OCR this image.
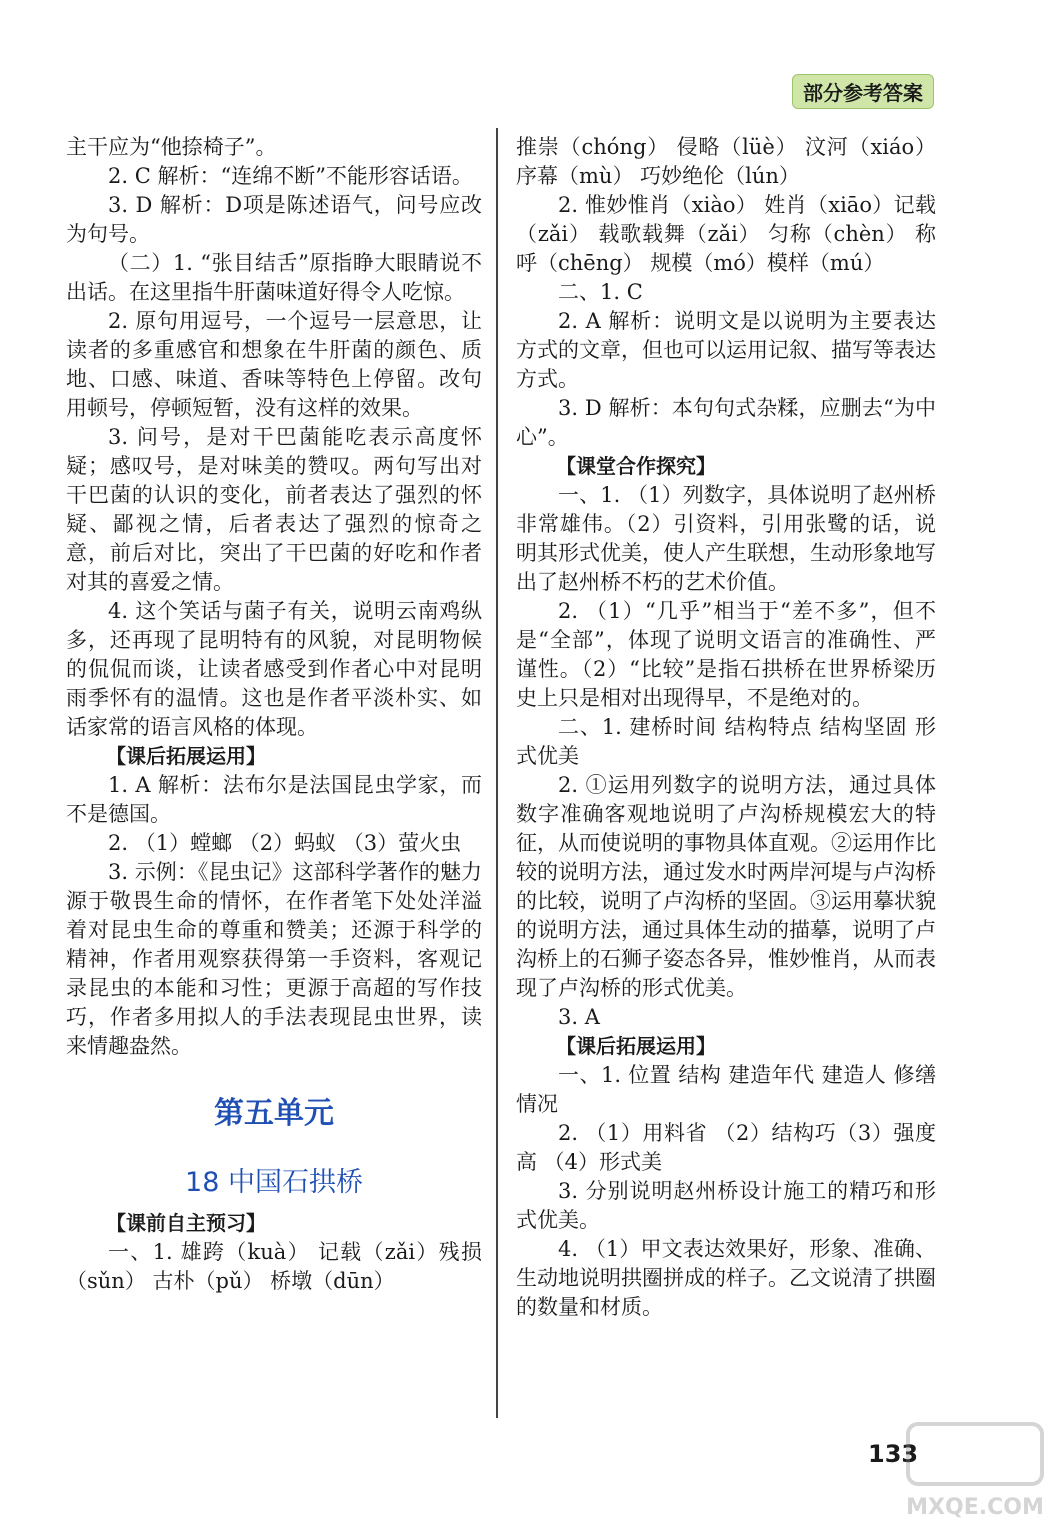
部分参考答案

主干应为“他捺椅子”。

2. C 解析：“连绵不断”不能形容话语。

3. D 解析：D项是陈述语气，问号应改为句号。

（二）1. “张目结舌”原指睁大眼睛说不出话。在这里指牛肝菌味道好得令人吃惊。

2. 原句用逗号，一个逗号一层意思，让读者的多重感官和想象在牛肝菌的颜色、质地、口感、味道、香味等特色上停留。改句用顿号，停顿短暂，没有这样的效果。

3. 问号，是对干巴菌能吃表示高度怀疑；感叹号，是对味美的赞叹。两句写出对干巴菌的认识的变化，前者表达了强烈的怀疑、鄙视之情，后者表达了强烈的惊奇之意，前后对比，突出了干巴菌的好吃和作者对其的喜爱之情。

4. 这个笑话与菌子有关，说明云南鸡纵多，还再现了昆明特有的风貌，对昆明物候的侃侃而谈，让读者感受到作者心中对昆明雨季怀有的温情。这也是作者平淡朴实、如话家常的语言风格的体现。

【课后拓展运用】

1. A 解析：法布尔是法国昆虫学家，而不是德国。

2. （1）螳螂 （2）蚂蚁 （3）萤火虫

3. 示例：《昆虫记》这部科学著作的魅力源于敬畏生命的情怀，在作者笔下处处洋溢着对昆虫生命的尊重和赞美；还源于科学的精神，作者用观察获得第一手资料，客观记录昆虫的本能和习性；更源于高超的写作技巧，作者多用拟人的手法表现昆虫世界，读来情趣盎然。

第五单元
18 中国石拱桥

【课前自主预习】

一、1. 雄跨（kuà） 记载（zǎi）残损（sǔn） 古朴（pǔ） 桥墩（dūn）

推崇（chóng） 侵略（lüè） 汶河（xiáo）序幕（mù） 巧妙绝伦（lún）

2. 惟妙惟肖（xiào） 姓肖（xiāo）记载（zǎi） 载歌载舞（zǎi） 匀称（chèn） 称呼（chēng） 规模（mó）模样（mú）

二、1. C

2. A 解析：说明文是以说明为主要表达方式的文章，但也可以运用记叙、描写等表达方式。

3. D 解析：本句句式杂糅，应删去“为中心”。

【课堂合作探究】

一、1. （1）列数字，具体说明了赵州桥非常雄伟。（2）引资料，引用张鹭的话，说明其形式优美，使人产生联想，生动形象地写出了赵州桥不朽的艺术价值。

2. （1）“几乎”相当于“差不多”，但不是“全部”，体现了说明文语言的准确性、严谨性。（2）“比较”是指石拱桥在世界桥梁历史上只是相对出现得早，不是绝对的。

二、1. 建桥时间 结构特点 结构坚固 形式优美

2. ①运用列数字的说明方法，通过具体数字准确客观地说明了卢沟桥规模宏大的特征，从而使说明的事物具体直观。②运用作比较的说明方法，通过发水时两岸河堤与卢沟桥的比较，说明了卢沟桥的坚固。③运用摹状貌的说明方法，通过具体生动的描摹，说明了卢沟桥上的石狮子姿态各异，惟妙惟肖，从而表现了卢沟桥的形式优美。

3. A

【课后拓展运用】

一、1. 位置 结构 建造年代 建造人 修缮情况

2. （1）用料省 （2）结构巧（3）强度高 （4）形式美

3. 分别说明赵州桥设计施工的精巧和形式优美。

4. （1）甲文表达效果好，形象、准确、生动地说明拱圈拼成的样子。乙文说清了拱圈的数量和材质。

133
MXQE.COM
